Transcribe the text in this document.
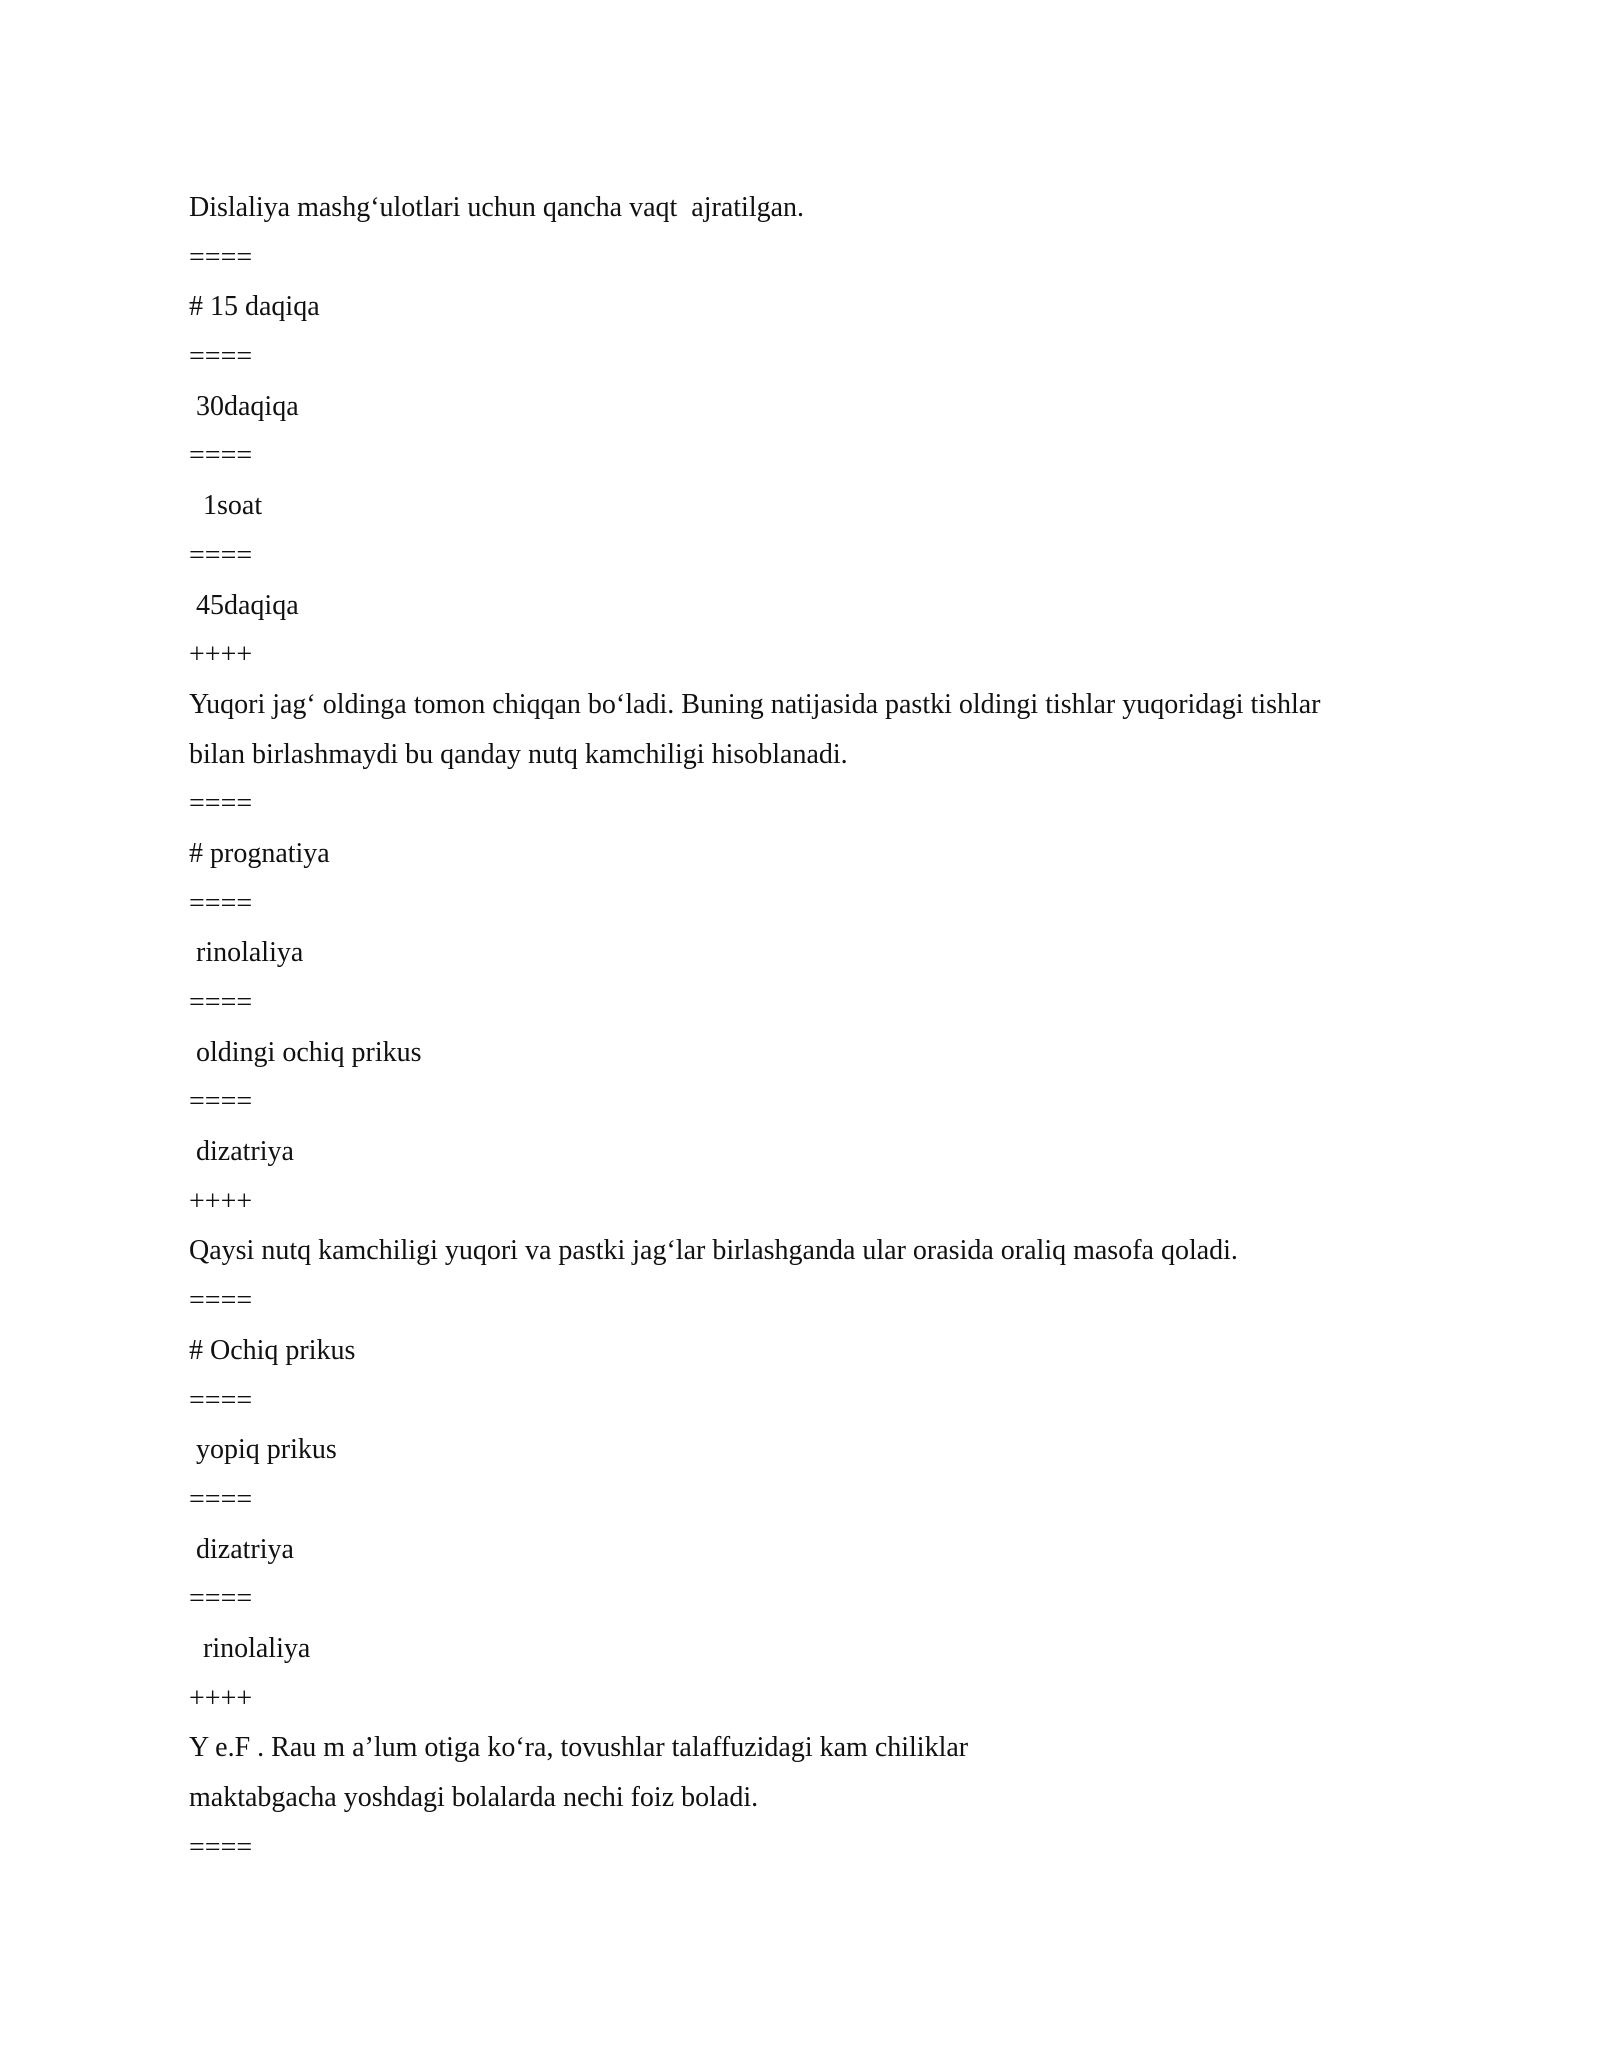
Dislaliya mashg‘ulotlari uchun qancha vaqt  ajratilgan.

====

# 15 daqiqa

====

30daqiqa

====

1soat

====

45daqiqa

++++

Yuqori jag‘ oldinga tomon chiqqan bo‘ladi. Buning natijasida pastki oldingi tishlar yuqoridagi tishlar

bilan birlashmaydi bu qanday nutq kamchiligi hisoblanadi.

====

# prognatiya

====

rinolaliya

====

oldingi ochiq prikus

====

dizatriya

++++

Qaysi nutq kamchiligi yuqori va pastki jag‘lar birlashganda ular orasida oraliq masofa qoladi.

====

# Ochiq prikus

====

yopiq prikus

====

dizatriya

====

rinolaliya

++++

Y e.F . Rau m a’lum otiga ko‘ra, tovushlar talaffuzidagi kam chiliklar

maktabgacha yoshdagi bolalarda nechi foiz boladi.

====
